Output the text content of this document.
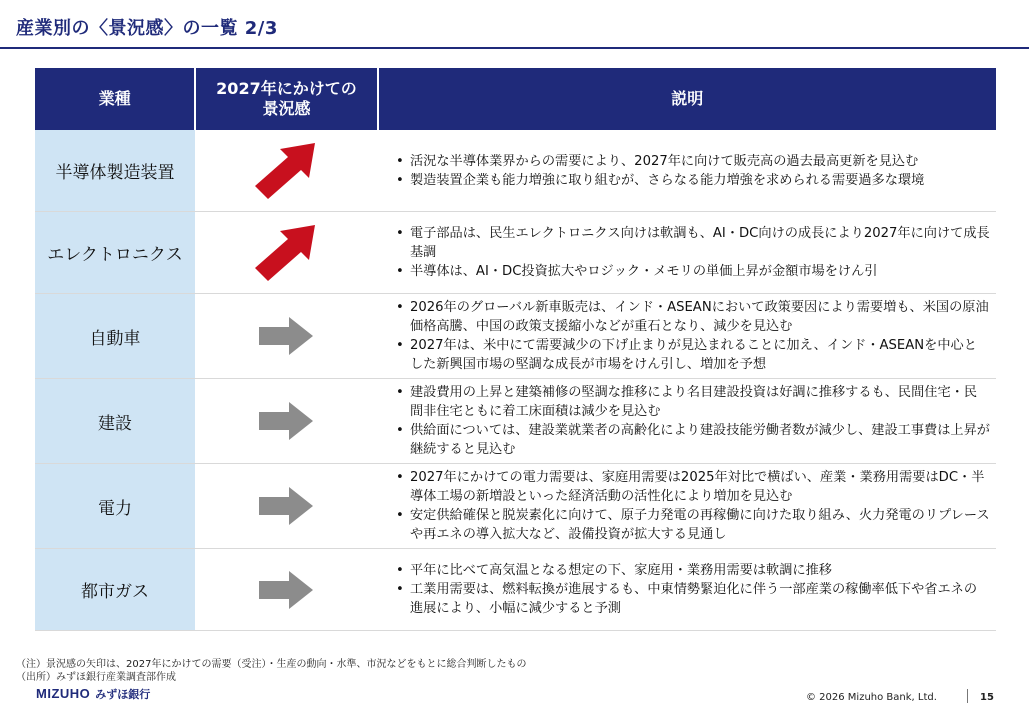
産業別の〈景況感〉の一覧 2/3
業種
2027年にかけての
景況感
説明
半導体製造装置
• 活況な半導体業界からの需要により、2027年に向けて販売高の過去最高更新を見込む
• 製造装置企業も能力増強に取り組むが、さらなる能力増強を求められる需要過多な環境
エレクトロニクス
• 電子部品は、民生エレクトロニクス向けは軟調も、AI・DC向けの成長により2027年に向けて成長基調
• 半導体は、AI・DC投資拡大やロジック・メモリの単価上昇が金額市場をけん引
自動車
• 2026年のグローバル新車販売は、インド・ASEANにおいて政策要因により需要増も、米国の原油価格高騰、中国の政策支援縮小などが重石となり、減少を見込む
• 2027年は、米中にて需要減少の下げ止まりが見込まれることに加え、インド・ASEANを中心とした新興国市場の堅調な成長が市場をけん引し、増加を予想
建設
• 建設費用の上昇と建築補修の堅調な推移により名目建設投資は好調に推移するも、民間住宅・民間非住宅ともに着工床面積は減少を見込む
• 供給面については、建設業就業者の高齢化により建設技能労働者数が減少し、建設工事費は上昇が継続すると見込む
電力
• 2027年にかけての電力需要は、家庭用需要は2025年対比で横ばい、産業・業務用需要はDC・半導体工場の新増設といった経済活動の活性化により増加を見込む
• 安定供給確保と脱炭素化に向けて、原子力発電の再稼働に向けた取り組み、火力発電のリプレースや再エネの導入拡大など、設備投資が拡大する見通し
都市ガス
• 平年に比べて高気温となる想定の下、家庭用・業務用需要は軟調に推移
• 工業用需要は、燃料転換が進展するも、中東情勢緊迫化に伴う一部産業の稼働率低下や省エネの進展により、小幅に減少すると予測
（注）景況感の矢印は、2027年にかけての需要（受注）・生産の動向・水準、市況などをもとに総合判断したもの
（出所）みずほ銀行産業調査部作成
MIZUHO みずほ銀行	© 2026 Mizuho Bank, Ltd.	15
